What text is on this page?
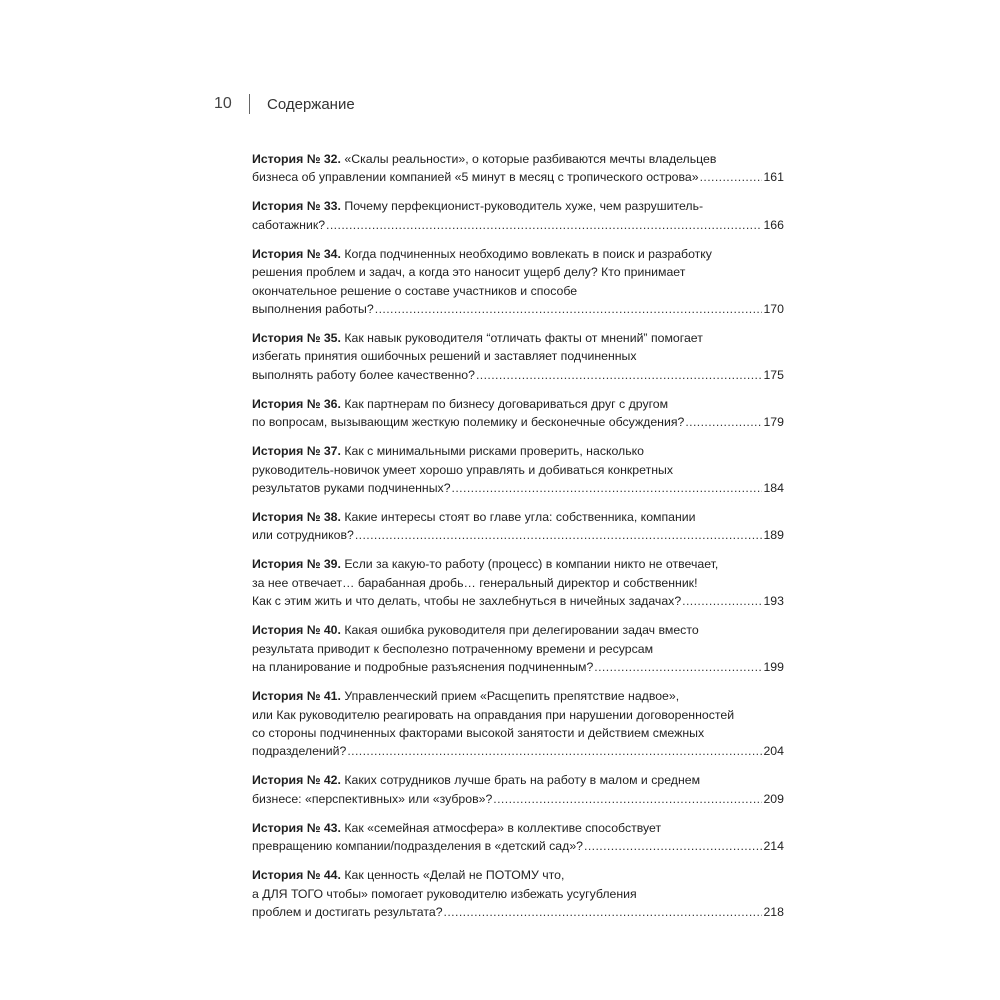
10 Содержание
История № 32. «Скалы реальности», о которые разбиваются мечты владельцев
бизнеса об управлении компанией «5 минут в месяц с тропического острова» .....	161
История № 33. Почему перфекционист-руководитель хуже, чем разрушитель-
саботажник? .....	166
История № 34. Когда подчиненных необходимо вовлекать в поиск и разработку
решения проблем и задач, а когда это наносит ущерб делу? Кто принимает
окончательное решение о составе участников и способе
выполнения работы? .....	170
История № 35. Как навык руководителя “отличать факты от мнений” помогает
избегать принятия ошибочных решений и заставляет подчиненных
выполнять работу более качественно? .....	175
История № 36. Как партнерам по бизнесу договариваться друг с другом
по вопросам, вызывающим жесткую полемику и бесконечные обсуждения? .....	179
История № 37. Как с минимальными рисками проверить, насколько
руководитель-новичок умеет хорошо управлять и добиваться конкретных
результатов руками подчиненных? .....	184
История № 38. Какие интересы стоят во главе угла: собственника, компании
или сотрудников? .....	189
История № 39. Если за какую-то работу (процесс) в компании никто не отвечает,
за нее отвечает… барабанная дробь… генеральный директор и собственник!
Как с этим жить и что делать, чтобы не захлебнуться в ничейных задачах? .....	193
История № 40. Какая ошибка руководителя при делегировании задач вместо
результата приводит к бесполезно потраченному времени и ресурсам
на планирование и подробные разъяснения подчиненным? .....	199
История № 41. Управленческий прием «Расщепить препятствие надвое»,
или Как руководителю реагировать на оправдания при нарушении договоренностей
со стороны подчиненных факторами высокой занятости и действием смежных
подразделений? .....	204
История № 42. Каких сотрудников лучше брать на работу в малом и среднем
бизнесе: «перспективных» или «зубров»? .....	209
История № 43. Как «семейная атмосфера» в коллективе способствует
превращению компании/подразделения в «детский сад»? .....	214
История № 44. Как ценность «Делай не ПОТОМУ что,
а ДЛЯ ТОГО чтобы» помогает руководителю избежать усугубления
проблем и достигать результата? .....	218
